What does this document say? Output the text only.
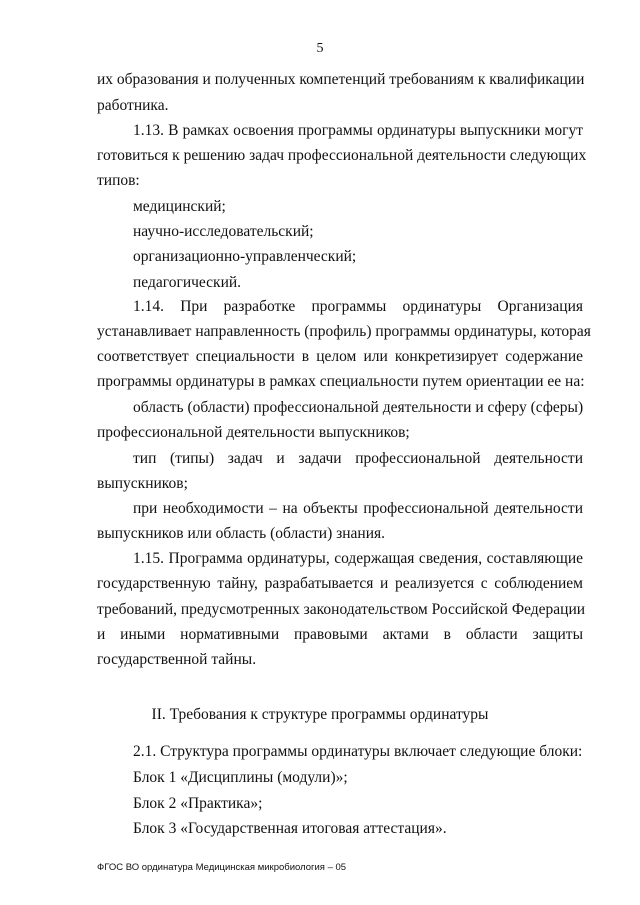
5
их образования и полученных компетенций требованиям к квалификации
работника.
1.13. В рамках освоения программы ординатуры выпускники могут
готовиться к решению задач профессиональной деятельности следующих
типов:
медицинский;
научно-исследовательский;
организационно-управленческий;
педагогический.
1.14. При разработке программы ординатуры Организация
устанавливает направленность (профиль) программы ординатуры, которая
соответствует специальности в целом или конкретизирует содержание
программы ординатуры в рамках специальности путем ориентации ее на:
область (области) профессиональной деятельности и сферу (сферы)
профессиональной деятельности выпускников;
тип (типы) задач и задачи профессиональной деятельности
выпускников;
при необходимости – на объекты профессиональной деятельности
выпускников или область (области) знания.
1.15. Программа ординатуры, содержащая сведения, составляющие
государственную тайну, разрабатывается и реализуется с соблюдением
требований, предусмотренных законодательством Российской Федерации
и иными нормативными правовыми актами в области защиты
государственной тайны.
II. Требования к структуре программы ординатуры
2.1. Структура программы ординатуры включает следующие блоки:
Блок 1 «Дисциплины (модули)»;
Блок 2 «Практика»;
Блок 3 «Государственная итоговая аттестация».
ФГОС ВО ординатура Медицинская микробиология – 05
